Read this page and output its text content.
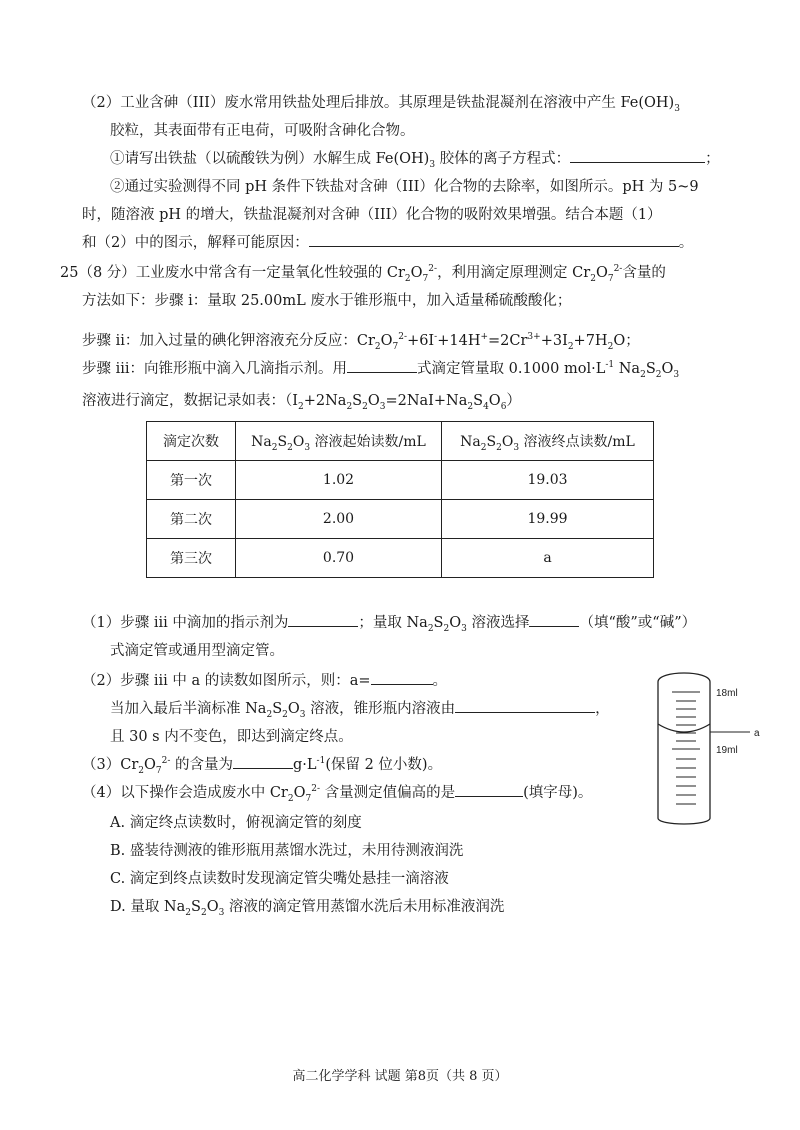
（2）工业含砷（III）废水常用铁盐处理后排放。其原理是铁盐混凝剂在溶液中产生 $Fe(OH)_3$
胶粒，其表面带有正电荷，可吸附含砷化合物。
①请写出铁盐（以硫酸铁为例）水解生成 $Fe(OH)_3$ 胶体的离子方程式：	；
②通过实验测得不同 pH 条件下铁盐对含砷（III）化合物的去除率，如图所示。pH 为 5~9
时，随溶液 pH 的增大，铁盐混凝剂对含砷（III）化合物的吸附效果增强。结合本题（1）
和（2）中的图示，解释可能原因：	。
25（8 分）工业废水中常含有一定量氧化性较强的 $Cr_2O_7^{2-}$，利用滴定原理测定 $Cr_2O_7^{2-}$含量的
方法如下：步骤 i：量取 25.00mL 废水于锥形瓶中，加入适量稀硫酸酸化；
步骤 ii：加入过量的碘化钾溶液充分反应：$Cr_2O_7^{2-}+6I^-+14H^+=2Cr^{3+}+3I_2+7H_2O$；
步骤 iii：向锥形瓶中滴入几滴指示剂。用	式滴定管量取 0.1000 $mol\cdot L^{-1}$ $Na_2S_2O_3$
溶液进行滴定，数据记录如表：$(I_2+2Na_2S_2O_3=2NaI+Na_2S_4O_6)$
滴定次数	$Na_2S_2O_3$ 溶液起始读数/mL	$Na_2S_2O_3$ 溶液终点读数/mL
第一次	1.02	19.03
第二次	2.00	19.99
第三次	0.70	a
（1）步骤 iii 中滴加的指示剂为	；量取 $Na_2S_2O_3$ 溶液选择	（填“酸”或“碱”）
式滴定管或通用型滴定管。
（2）步骤 iii 中 a 的读数如图所示，则：a=	。
当加入最后半滴标准 $Na_2S_2O_3$ 溶液，锥形瓶内溶液由	，
且 30 s 内不变色，即达到滴定终点。
$(3)Cr_2O_7^{2-}$ 的含量为	$g\cdot L^{-1}$(保留 2 位小数)。
（4）以下操作会造成废水中 $Cr_2O_7^{2-}$ 含量测定值偏高的是	(填字母)。
A. 滴定终点读数时，俯视滴定管的刻度
B. 盛装待测液的锥形瓶用蒸馏水洗过，未用待测液润洗
C. 滴定到终点读数时发现滴定管尖嘴处悬挂一滴溶液
D. 量取 $Na_2S_2O_3$ 溶液的滴定管用蒸馏水洗后未用标准液润洗
18ml
a
19ml
高二化学学科 试题 第8页（共 8 页）
